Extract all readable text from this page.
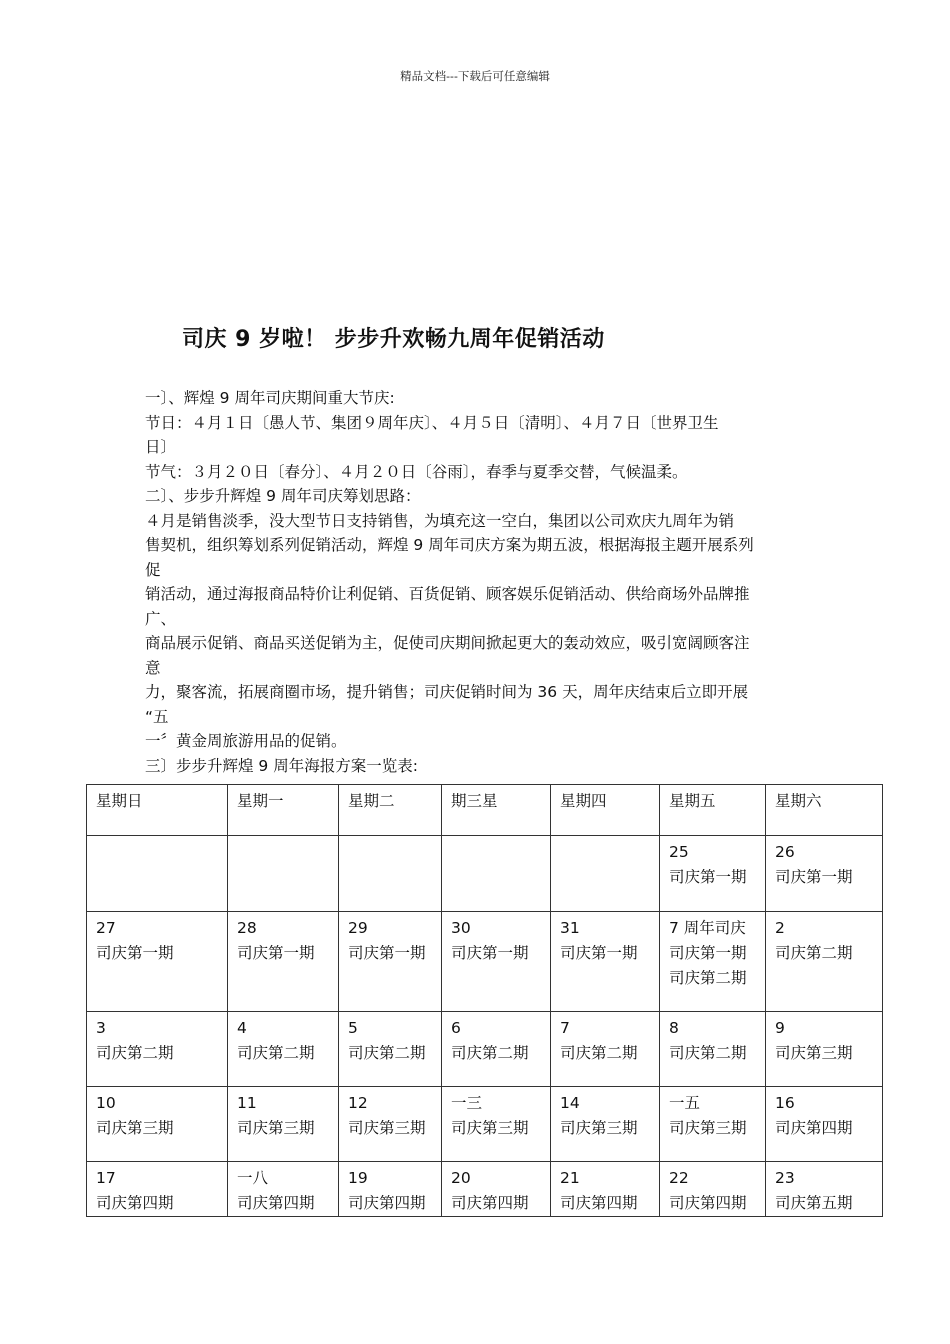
精品文档---下载后可任意编辑
司庆 9 岁啦！ 步步升欢畅九周年促销活动
一〕、辉煌 9 周年司庆期间重大节庆:
节日：４月１日〔愚人节、集团９周年庆〕、４月５日〔清明〕、４月７日〔世界卫生
日〕
节气：３月２０日〔春分〕、４月２０日〔谷雨〕，春季与夏季交替，气候温柔。
二〕、步步升辉煌 9 周年司庆筹划思路：
４月是销售淡季，没大型节日支持销售，为填充这一空白，集团以公司欢庆九周年为销
售契机，组织筹划系列促销活动，辉煌 9 周年司庆方案为期五波，根据海报主题开展系列
促
销活动，通过海报商品特价让利促销、百货促销、顾客娱乐促销活动、供给商场外品牌推
广、
商品展示促销、商品买送促销为主，促使司庆期间掀起更大的轰动效应，吸引宽阔顾客注
意
力，聚客流，拓展商圈市场，提升销售；司庆促销时间为 36 天，周年庆结束后立即开展
“五
一〞黄金周旅游用品的促销。
三〕步步升辉煌 9 周年海报方案一览表:
星期日	星期一	星期二	期三星	星期四	星期五	星期六

					25
司庆第一期	26
司庆第一期

27
司庆第一期	28
司庆第一期	29
司庆第一期	30
司庆第一期	31
司庆第一期	7 周年司庆
司庆第一期
司庆第二期	2
司庆第二期

3
司庆第二期	4
司庆第二期	5
司庆第二期	6
司庆第二期	7
司庆第二期	8
司庆第二期	9
司庆第三期

10
司庆第三期	11
司庆第三期	12
司庆第三期	一三
司庆第三期	14
司庆第三期	一五
司庆第三期	16
司庆第四期

17
司庆第四期	一八
司庆第四期	19
司庆第四期	20
司庆第四期	21
司庆第四期	22
司庆第四期	23
司庆第五期
